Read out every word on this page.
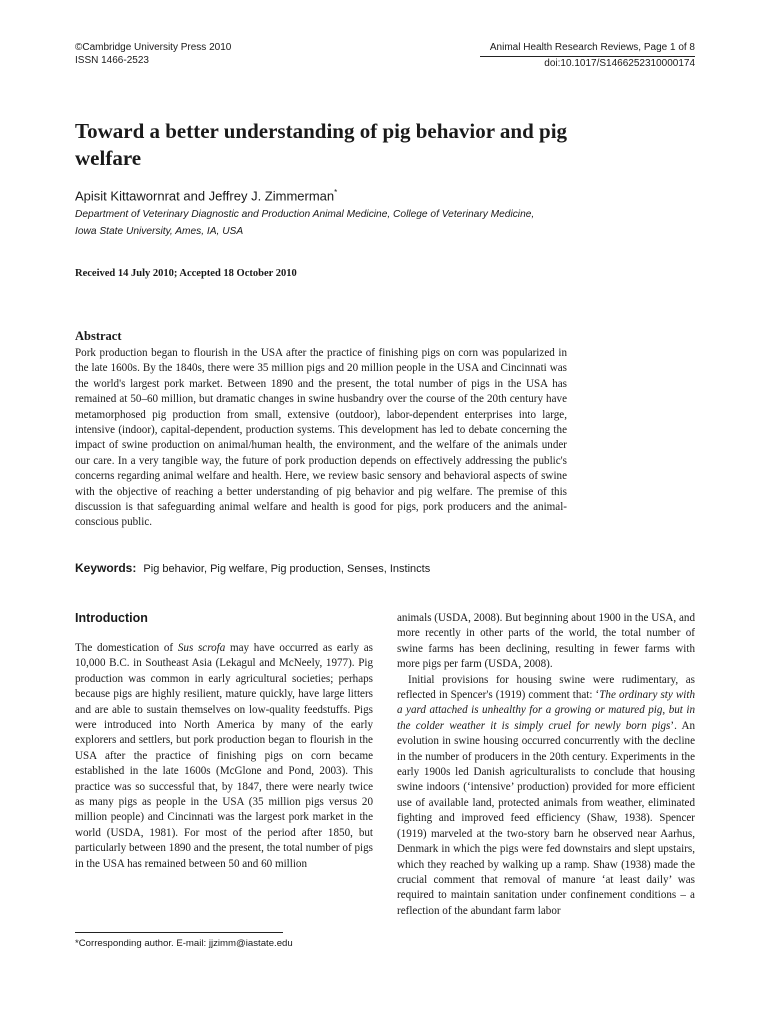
©Cambridge University Press 2010
ISSN 1466-2523
Animal Health Research Reviews, Page 1 of 8
doi:10.1017/S1466252310000174
Toward a better understanding of pig behavior and pig welfare
Apisit Kittawornrat and Jeffrey J. Zimmerman*
Department of Veterinary Diagnostic and Production Animal Medicine, College of Veterinary Medicine, Iowa State University, Ames, IA, USA
Received 14 July 2010; Accepted 18 October 2010
Abstract

Pork production began to flourish in the USA after the practice of finishing pigs on corn was popularized in the late 1600s. By the 1840s, there were 35 million pigs and 20 million people in the USA and Cincinnati was the world's largest pork market. Between 1890 and the present, the total number of pigs in the USA has remained at 50–60 million, but dramatic changes in swine husbandry over the course of the 20th century have metamorphosed pig production from small, extensive (outdoor), labor-dependent enterprises into large, intensive (indoor), capital-dependent, production systems. This development has led to debate concerning the impact of swine production on animal/human health, the environment, and the welfare of the animals under our care. In a very tangible way, the future of pork production depends on effectively addressing the public's concerns regarding animal welfare and health. Here, we review basic sensory and behavioral aspects of swine with the objective of reaching a better understanding of pig behavior and pig welfare. The premise of this discussion is that safeguarding animal welfare and health is good for pigs, pork producers and the animal-conscious public.

Keywords: Pig behavior, Pig welfare, Pig production, Senses, Instincts
Introduction

The domestication of Sus scrofa may have occurred as early as 10,000 B.C. in Southeast Asia (Lekagul and McNeely, 1977). Pig production was common in early agricultural societies; perhaps because pigs are highly resilient, mature quickly, have large litters and are able to sustain themselves on low-quality feedstuffs. Pigs were introduced into North America by many of the early explorers and settlers, but pork production began to flourish in the USA after the practice of finishing pigs on corn became established in the late 1600s (McGlone and Pond, 2003). This practice was so successful that, by 1847, there were nearly twice as many pigs as people in the USA (35 million pigs versus 20 million people) and Cincinnati was the largest pork market in the world (USDA, 1981). For most of the period after 1850, but particularly between 1890 and the present, the total number of pigs in the USA has remained between 50 and 60 million

animals (USDA, 2008). But beginning about 1900 in the USA, and more recently in other parts of the world, the total number of swine farms has been declining, resulting in fewer farms with more pigs per farm (USDA, 2008).

Initial provisions for housing swine were rudimentary, as reflected in Spencer's (1919) comment that: ‘The ordinary sty with a yard attached is unhealthy for a growing or matured pig, but in the colder weather it is simply cruel for newly born pigs’. An evolution in swine housing occurred concurrently with the decline in the number of producers in the 20th century. Experiments in the early 1900s led Danish agriculturalists to conclude that housing swine indoors (‘intensive’ production) provided for more efficient use of available land, protected animals from weather, eliminated fighting and improved feed efficiency (Shaw, 1938). Spencer (1919) marveled at the two-story barn he observed near Aarhus, Denmark in which the pigs were fed downstairs and slept upstairs, which they reached by walking up a ramp. Shaw (1938) made the crucial comment that removal of manure ‘at least daily’ was required to maintain sanitation under confinement conditions – a reflection of the abundant farm labor

*Corresponding author. E-mail: jjzimm@iastate.edu
